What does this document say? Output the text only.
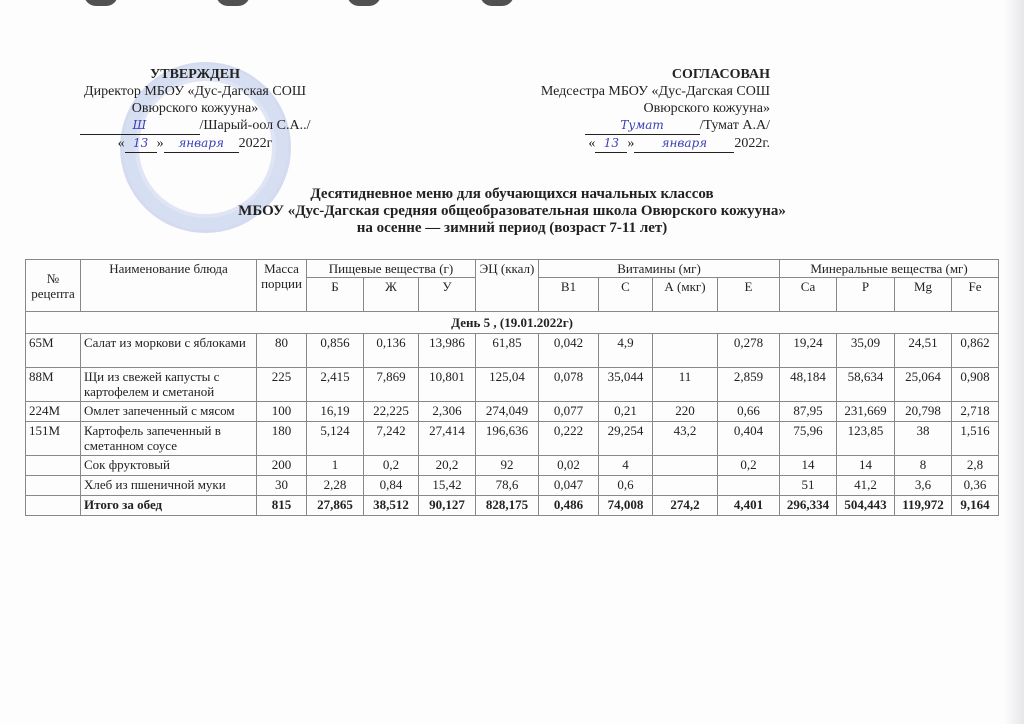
УТВЕРЖДЕН
Директор МБОУ «Дус-Дагская СОШ
Овюрского кожууна»
Ш	/Шарый-оол С.А../
« 13 » января 2022г
СОГЛАСОВАН
Медсестра МБОУ «Дус-Дагская СОШ
Овюрского кожууна»
Тумат	/Тумат А.А/
« 13 » января 2022г.
Десятидневное меню для обучающихся начальных классов
МБОУ «Дус-Дагская средняя общеобразовательная школа Овюрского кожууна»
на осенне — зимний период (возраст 7-11 лет)
№ рецепта	Наименование блюда	Масса порции	Пищевые вещества (г)			ЭЦ (ккал)	Витамины (мг)				Минеральные вещества (мг)			
			Б	Ж	У		В1	С	А (мкг)	Е	Са	Р	Mg	Fe
День 5 , (19.01.2022г)														
65М	Салат из моркови с яблоками	80	0,856	0,136	13,986	61,85	0,042	4,9		0,278	19,24	35,09	24,51	0,862
88М	Щи из свежей капусты с картофелем и сметаной	225	2,415	7,869	10,801	125,04	0,078	35,044	11	2,859	48,184	58,634	25,064	0,908
224М	Омлет запеченный с мясом	100	16,19	22,225	2,306	274,049	0,077	0,21	220	0,66	87,95	231,669	20,798	2,718
151М	Картофель запеченный в сметанном соусе	180	5,124	7,242	27,414	196,636	0,222	29,254	43,2	0,404	75,96	123,85	38	1,516
	Сок фруктовый	200	1	0,2	20,2	92	0,02	4		0,2	14	14	8	2,8
	Хлеб из пшеничной муки	30	2,28	0,84	15,42	78,6	0,047	0,6			51	41,2	3,6	0,36
	Итого за обед	815	27,865	38,512	90,127	828,175	0,486	74,008	274,2	4,401	296,334	504,443	119,972	9,164
